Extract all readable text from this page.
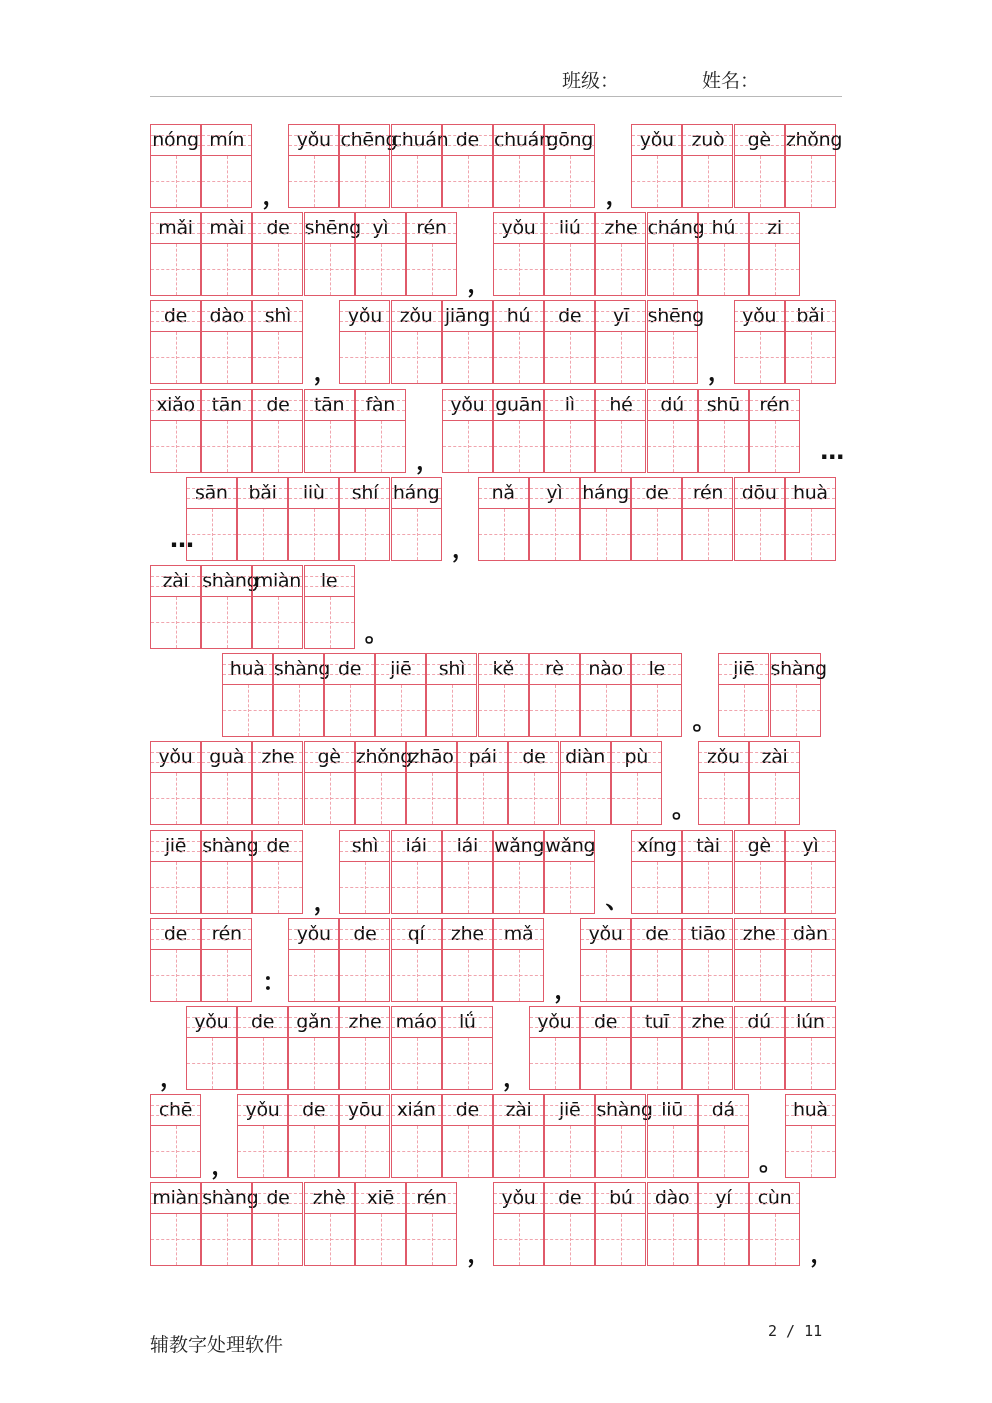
班级：	姓名：
nóng mín
，
yǒu chēng
chuán de chuán
gōng
，
yǒu zuò	gè zhǒng
mǎi mài	de shēng yì	rén
，
yǒu	liú	zhe cháng hú	zi
de	dào	shì
，
yǒu zǒu jiāng hú	de	yī shēng
，
yǒu	bǎi
xiǎo tān	de	tān	fàn
，
yǒu guān	lì	hé	dú	shū	rén
…
…
sān	bǎi	liù	shí háng
，
nǎ	yì	háng de	rén dōu huà
zài shàng
miàn	le
。
huà shàng de	jiē	shì	kě	rè	nào	le
。
jiē shàng
yǒu guà zhe	gè zhǒng
zhāo pái	de	diàn	pù
。
zǒu	zài
jiē shàng de
，
shì	lái	lái wǎng wǎng
、
xíng	tài	gè	yì
de	rén
：
yǒu	de	qí	zhe	mǎ
，
yǒu	de	tiāo zhe dàn
，
yǒu	de	gǎn zhe máo	lǘ
，
yǒu	de	tuī	zhe	dú	lún
chē
，
yǒu	de	yōu xián	de	zài	jiē shàng liū	dá
。
huà
miàn shàng de	zhè	xiē	rén
，
yǒu	de	bú	dào	yí	cùn
，
辅教字处理软件
2 / 11
